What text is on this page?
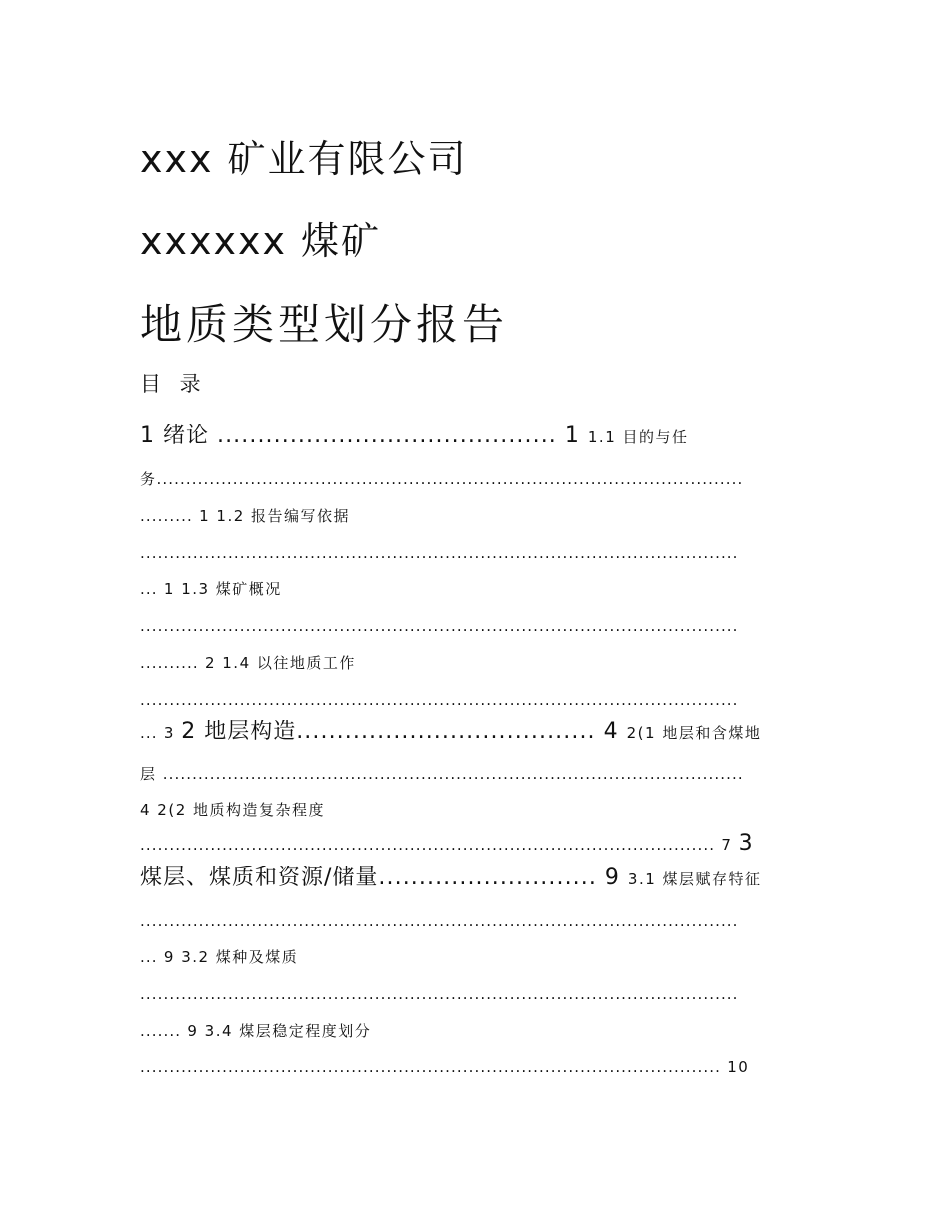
xxx 矿业有限公司
xxxxxx 煤矿
地质类型划分报告
目 录
1 绪论 .......................................... 1 1.1 目的与任
务....................................................................................................
......... 1 1.2 报告编写依据
......................................................................................................
... 1 1.3 煤矿概况
......................................................................................................
.......... 2 1.4 以往地质工作
......................................................................................................
... 3 2 地层构造..................................... 4 2(1 地层和含煤地
层 ...................................................................................................
4 2(2 地质构造复杂程度
.................................................................................................. 7 3
煤层、煤质和资源/储量........................... 9 3.1 煤层赋存特征
......................................................................................................
... 9 3.2 煤种及煤质
......................................................................................................
....... 9 3.4 煤层稳定程度划分
................................................................................................... 10
